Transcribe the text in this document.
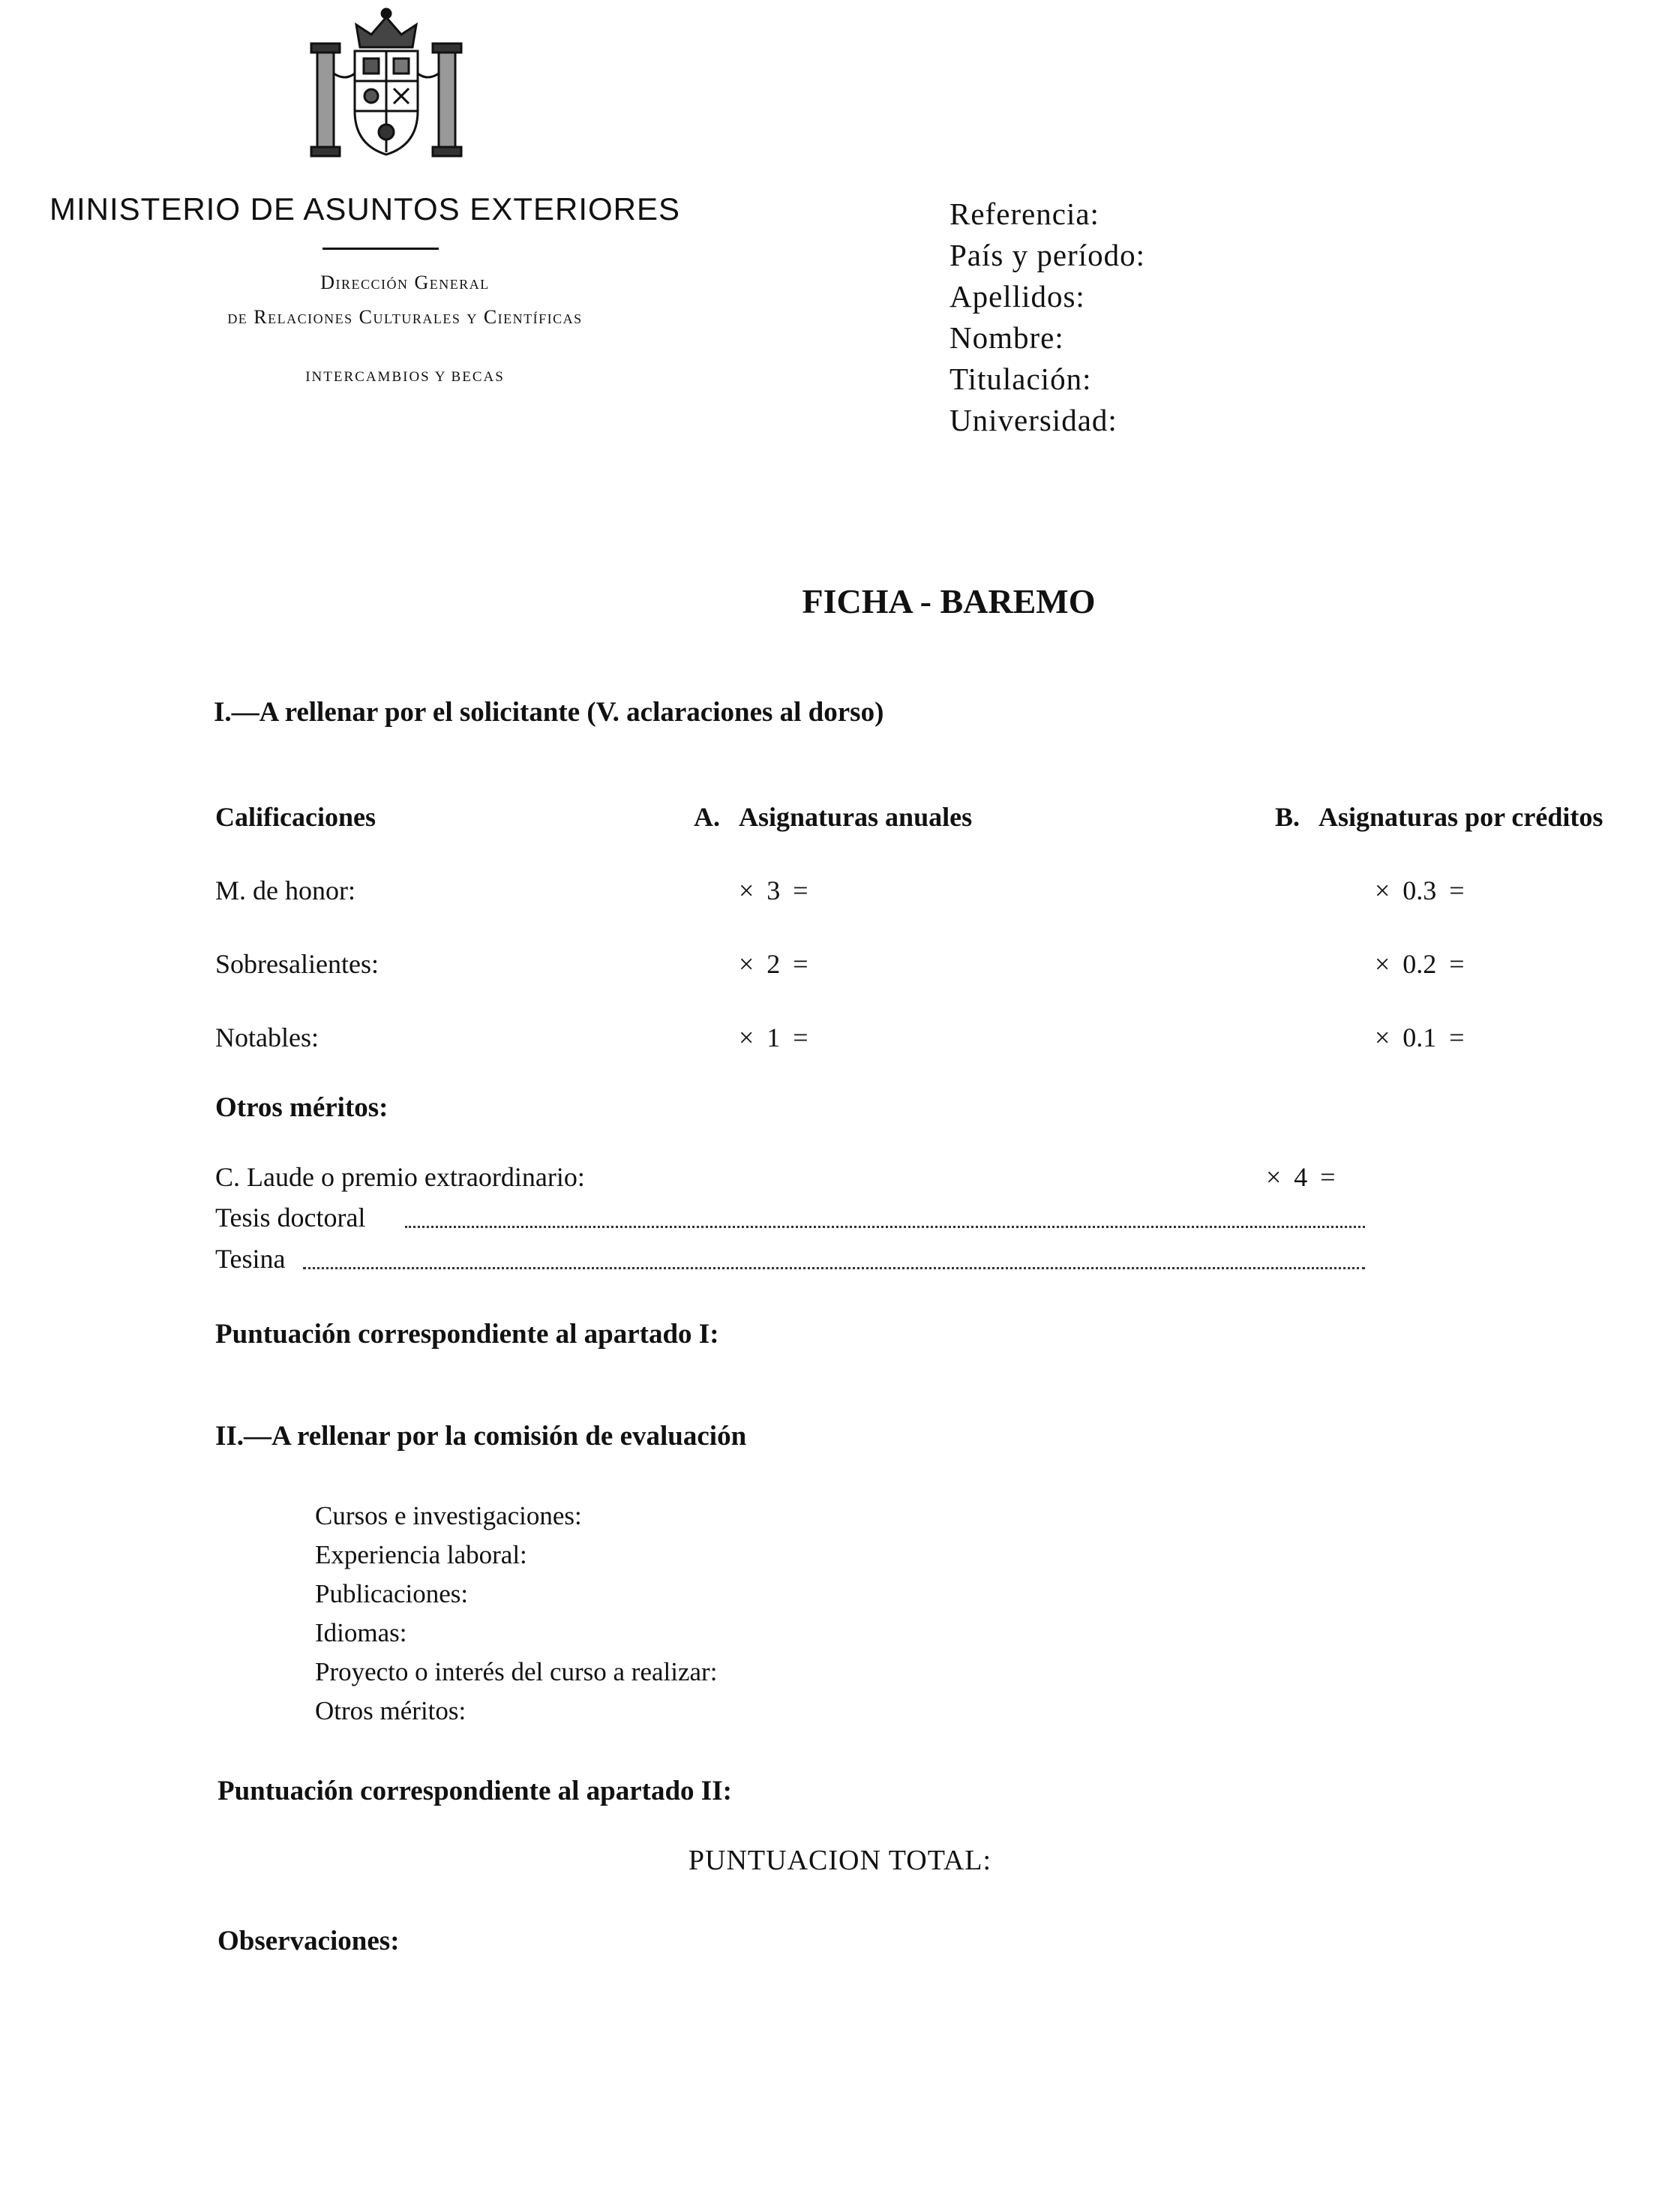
MINISTERIO DE ASUNTOS EXTERIORES
Dirección General
de Relaciones Culturales y Científicas
INTERCAMBIOS Y BECAS
Referencia:
País y período:
Apellidos:
Nombre:
Titulación:
Universidad:
FICHA - BAREMO
I.—A rellenar por el solicitante (V. aclaraciones al dorso)
Calificaciones	A.   Asignaturas anuales	B.   Asignaturas por créditos
M. de honor:	× 3 =	× 0.3 =
Sobresalientes:	× 2 =	× 0.2 =
Notables:	× 1 =	× 0.1 =
Otros méritos:
C. Laude o premio extraordinario:	× 4 =
Tesis doctoral
Tesina
Puntuación correspondiente al apartado I:
II.—A rellenar por la comisión de evaluación
Cursos e investigaciones:
Experiencia laboral:
Publicaciones:
Idiomas:
Proyecto o interés del curso a realizar:
Otros méritos:
Puntuación correspondiente al apartado II:
PUNTUACION TOTAL:
Observaciones:
